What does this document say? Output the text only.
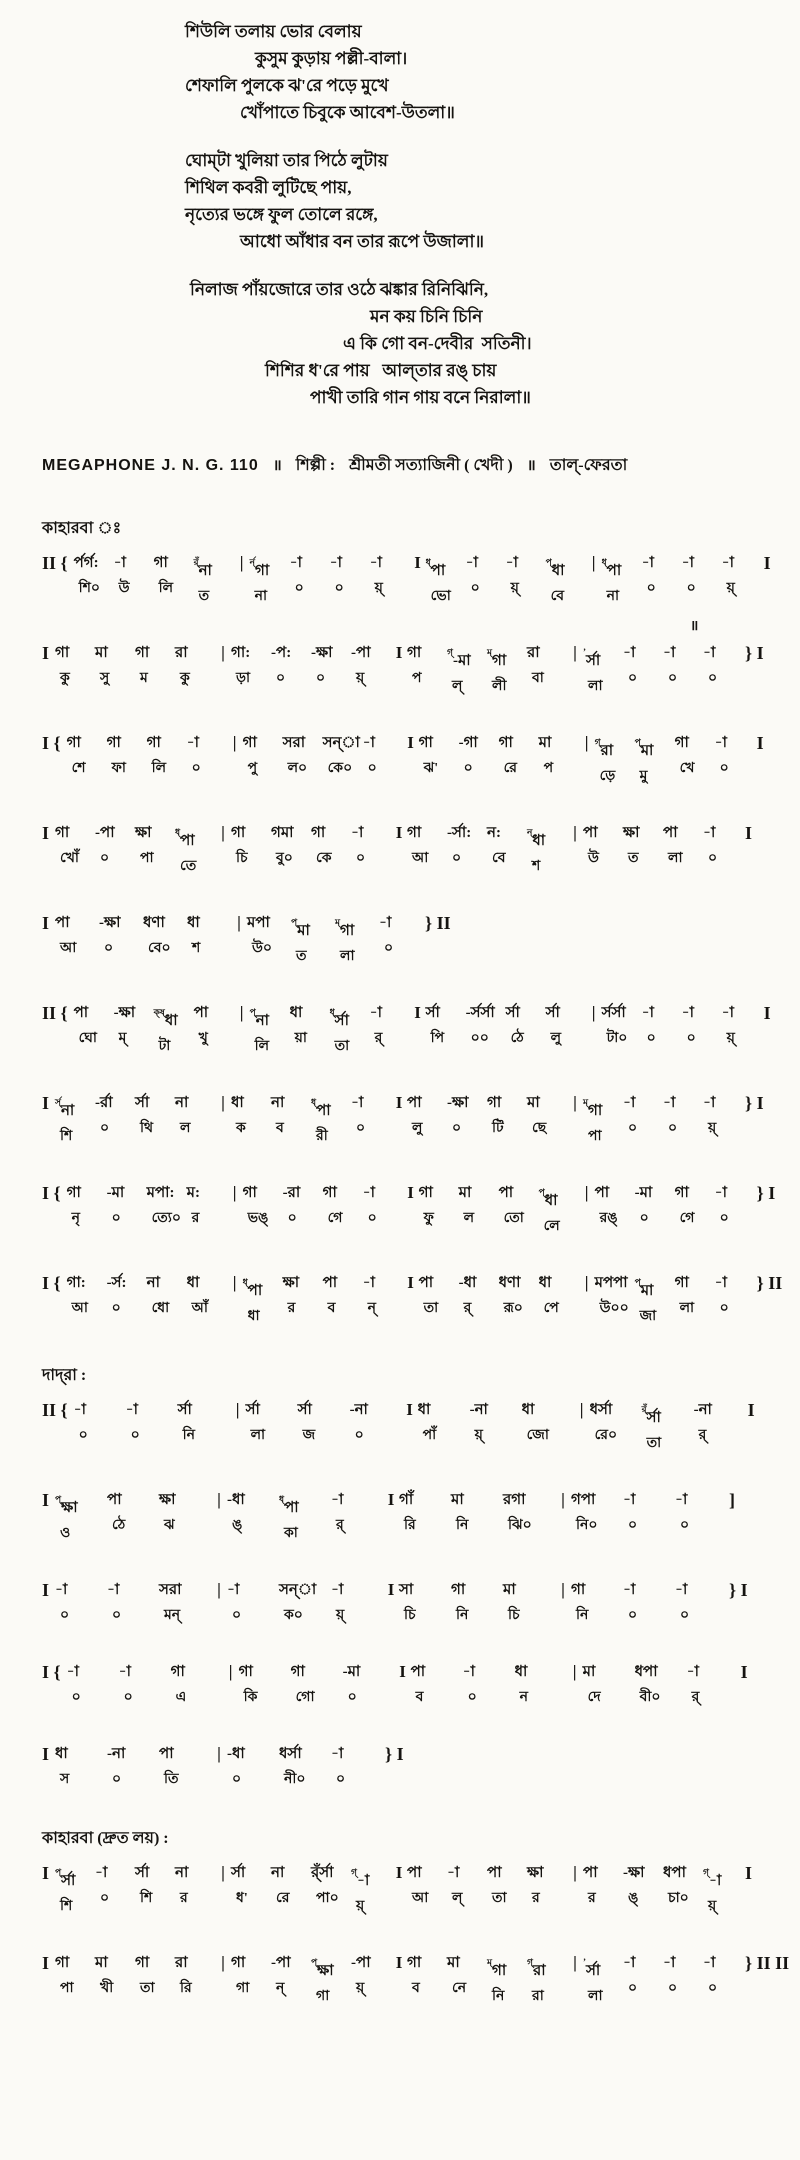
শিউলি তলায় ভোর বেলায়
কুসুম কুড়ায় পল্লী-বালা।
শেফালি পুলকে ঝ'রে পড়ে মুখে
খোঁপাতে চিবুকে আবেশ-উতলা॥
ঘোম্‌টা খুলিয়া তার পিঠে লুটায়
শিথিল কবরী লুটিছে পায়,
নৃত্যের ভঙ্গে ফুল তোলে রঙ্গে,
আধো আঁধার বন তার রূপে উজালা॥
নিলাজ পাঁয়জোরে তার ওঠে ঝঙ্কার রিনিঝিনি,
মন কয় চিনি চিনি
এ কি গো বন-দেবীর  সতিনী।
শিশির ধ'রে পায়   আল্‌তার রঙ্‌ চায়
পাখী তারি গান গায় বনে নিরালা॥
MEGAPHONE J. N. G. 110 ॥ শিল্পী : শ্রীমতী সত্যাজিনী ( খেদী ) ॥ তাল্‌-ফেরতা
কাহারবা ঃ
II { র্পর্গ:
শি০
-া
উ
গা
লি
র্ঁনা
ত
| র্ন্গা
না
-া
০
-া
০
-া
য়্
I ধ্পা
ভো
-া
০
-া
য়্
প্ধা
বে
| ধ্পা
না
-া
০
-া
০
-া
য়্
I
॥
I গা
কু
মা
সু
গা
ম
রা
কু
| গা:
ড়া
-প:
০
-ক্ষা
০
-পা
য়্
I গা
প
গ্-মা
ল্
ম্গা
লী
রা
বা
| ʼর্সা
লা
-া
০
-া
০
-া
০
} I
I { গা
শে
গা
ফা
গা
লি
-া
০
| গা
পু
সরা
ল০
সন্‌া
কে০
-া
০
I গা
ঝ'
-গা
০
গা
রে
মা
প
| গ্রা
ড়ে
প্মা
মু
গা
খে
-া
০
I
I গা
খোঁ
-পা
০
ক্ষা
পা
ধ্পা
তে
| গা
চি
গমা
বু০
গা
কে
-া
০
I গা
আ
-র্সা:
০
ন:
বে
ন্ধা
শ
| পা
উ
ক্ষা
ত
পা
লা
-া
০
I
I পা
আ
-ক্ষা
০
ধণা
বে০
ধা
শ
| মপা
উ০
প্মা
ত
ম্গা
লা
-া
০
} II
II { পা
ঘো
-ক্ষা
ম্
ক্ষ্ধা
টা
পা
খু
| প্না
লি
ধা
য়া
ধ্র্সা
তা
-া
র্
I র্সা
পি
-র্সর্সা
০০
র্সা
ঠে
র্সা
লু
| র্সর্সা
টা০
-া
০
-া
০
-া
য়্
I
I র্স্না
শি
-র্রা
০
র্সা
থি
না
ল
| ধা
ক
না
ব
ধ্পা
রী
-া
০
I পা
লু
-ক্ষা
০
গা
টি
মা
ছে
| ম্গা
পা
-া
০
-া
০
-া
য়্
} I
I { গা
নৃ
-মা
০
মপা:
ত্যে০
ম:
র
| গা
ভঙ্
-রা
০
গা
গে
-া
০
I গা
ফু
মা
ল
পা
তো
প্ধা
লে
| পা
রঙ্
-মা
০
গা
গে
-া
০
} I
I { গা:
আ
-র্স:
০
না
ধো
ধা
আঁ
| ধ্পা
ধা
ক্ষা
র
পা
ব
-া
ন্
I পা
তা
-ধা
র্
ধণা
রূ০
ধা
পে
| মপপা
উ০০
প্মা
জা
গা
লা
-া
০
} II
দাদ্‌রা :
II { -া
০
-া
০
র্সা
নি
| র্সা
লা
র্সা
জ
-না
০
I ধা
পাঁ
-না
য়্
ধা
জো
| ধর্সা
রে০
র্ঁর্সা
তা
-না
র্
I
I প্ক্ষা
ও
পা
ঠে
ক্ষা
ঝ
| -ধা
ঙ্
ধ্পা
কা
-া
র্
I গাঁ
রি
মা
নি
রগা
ঝি০
| গপা
নি০
-া
০
-া
০
]
I -া
০
-া
০
সরা
মন্
| -া
০
সন্‌া
ক০
-া
য়্
I সা
চি
গা
নি
মা
চি
| গা
নি
-া
০
-া
০
} I
I { -া
০
-া
০
গা
এ
| গা
কি
গা
গো
-মা
০
I পা
ব
-া
০
ধা
ন
| মা
দে
ধপা
বী০
-া
র্
I
I ধা
স
-না
০
পা
তি
| -ধা
০
ধর্সা
নী০
-া
০
} I
কাহারবা (দ্রুত লয়) :
I প্র্সা
শি
-া
০
র্সা
শি
না
র
| র্সা
ধ'
না
রে
র্ঁর্সা
পা০
গ্-া
য়্
I পা
আ
-া
ল্
পা
তা
ক্ষা
র
| পা
র
-ক্ষা
ঙ্
ধপা
চা০
গ্-া
য়্
I
I গা
পা
মা
খী
গা
তা
রা
রি
| গা
গা
-পা
ন্
প্ক্ষা
গা
-পা
য়্
I গা
ব
মা
নে
ম্গা
নি
গ্রা
রা
| ʼর্সা
লা
-া
০
-া
০
-া
০
} II II
